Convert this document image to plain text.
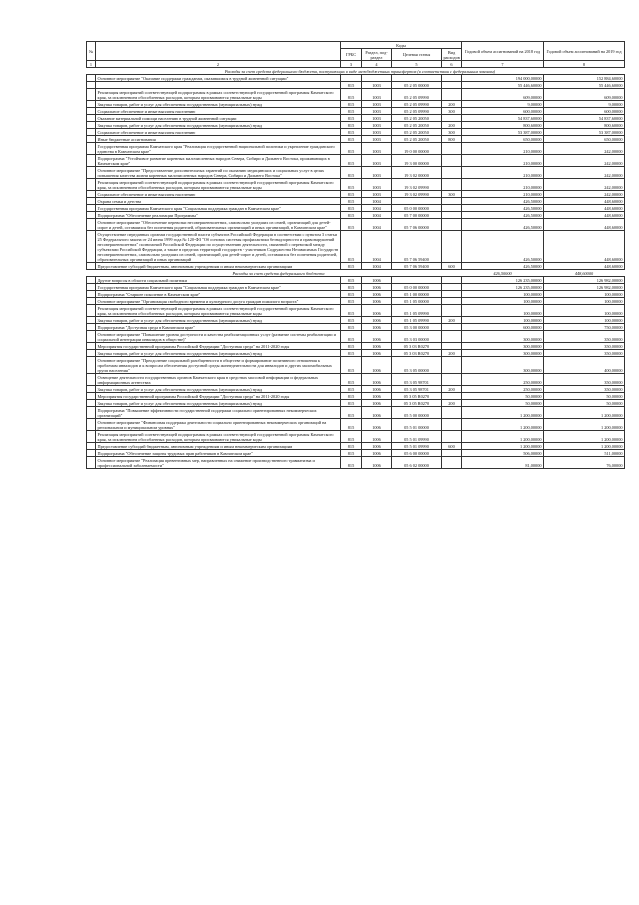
№		Коды				Годовой объем ассигнований на 2018 год	Годовой объем ассигнований на 2019 год
		ГРБС	Раздел, под-раздел	Целевая статья	Вид расходов		
1	2	3	4	5	6	7	8
	Расходы за счет средств федерального бюджета, поступающих в виде межбюджетных трансфертов (в соответствии с федеральным законом)						
	Основное мероприятие "Оказание поддержки гражданам, оказавшимся в трудной жизненной ситуации"					194 000,00000	152 884,60000
		815	1003	05 2 05 00000		55 446,60000	55 446,60000
	Реализация мероприятий соответствующей подпрограммы в рамках соответствующей государственной программы Камчатского края, за исключением обособленных расходов, которым присваиваются уникальные коды	815	1003	05 2 05 09990		609,00000	609,00000
	Закупка товаров, работ и услуг для обеспечения государственных (муниципальных) нужд	815	1003	05 2 05 09990	200	9,00000	9,00000
	Социальное обеспечение и иные выплаты населению	815	1003	05 2 05 09990	300	600,00000	600,00000
	Оказание материальной помощи населению в трудной жизненной ситуации	815	1003	05 2 05 20050		54 837,60000	54 837,60000
	Закупка товаров, работ и услуг для обеспечения государственных (муниципальных) нужд	815	1003	05 2 05 20050	200	800,60000	800,60000
	Социальное обеспечение и иные выплаты населению	815	1003	05 2 05 20050	300	53 387,00000	53 387,00000
	Иные бюджетные ассигнования	815	1003	05 2 05 20050	800	650,00000	650,00000
	Государственная программа Камчатского края "Реализация государственной национальной политики и укрепление гражданского единства в Камчатском крае"	815	1003	19 0 00 00000		210,00000	242,00000
	Подпрограмма "Устойчивое развитие коренных малочисленных народов Севера, Сибири и Дальнего Востока, проживающих в Камчатском крае"	815	1003	19 3 00 00000		210,00000	242,00000
	Основное мероприятие "Предоставление дополнительных гарантий по оказанию медицинских и социальных услуг в целях повышения качества жизни коренных малочисленных народов Севера, Сибири и Дальнего Востока"	815	1003	19 3 02 00000		210,00000	242,00000
	Реализация мероприятий соответствующей подпрограммы в рамках соответствующей государственной программы Камчатского края, за исключением обособленных расходов, которым присваиваются уникальные коды	815	1003	19 3 02 09990		210,00000	242,00000
	Социальное обеспечение и иные выплаты населению	815	1003	19 3 02 09990	300	210,00000	242,00000
	Охрана семьи и детства	815	1004			426,50000	448,60000
	Государственная программа Камчатского края "Социальная поддержка граждан в Камчатском крае"	815	1004	05 0 00 00000		426,50000	448,60000
	Подпрограмма "Обеспечение реализации Программы"	815	1004	05 7 00 00000		426,50000	448,60000
	Основное мероприятие "Обеспечение перевозки несовершеннолетних, самовольно ушедших из семей, организаций для детей-сирот и детей, оставшихся без попечения родителей, образовательных организаций и иных организаций, в Камчатском крае"	815	1004	05 7 06 00000		426,50000	448,60000
	Осуществление переданных органам государственной власти субъектов Российской Федерации в соответствии с пунктом 3 статьи 25 Федерального закона от 24 июня 1999 года № 120-ФЗ "Об основах системы профилактики безнадзорности и правонарушений несовершеннолетних" полномочий Российской Федерации по осуществлению деятельности, связанной с перевозкой между субъектами Российской Федерации, а также в пределах территорий государств - участников Содружества Независимых Государств несовершеннолетних, самовольно ушедших из семей, организаций для детей-сирот и детей, оставшихся без попечения родителей, образовательных организаций и иных организаций	815	1004	05 7 06 59400		426,50000	448,60000
	Предоставление субсидий бюджетным, автономным учреждениям и иным некоммерческим организациям	815	1004	05 7 06 59400	600	426,50000	448,60000
	Расходы за счет средств федерального бюджета					426,50000	448,60000
	Другие вопросы в области социальной политики	815	1006			126 235,00000	126 982,00000
	Государственная программа Камчатского края "Социальная поддержка граждан в Камчатском крае"	815	1006	05 0 00 00000		126 235,00000	126 982,00000
	Подпрограмма "Старшее поколение в Камчатском крае"	815	1006	05 1 00 00000		100,00000	100,00000
	Основное мероприятие "Организация свободного времени и культурного досуга граждан пожилого возраста"	815	1006	05 1 05 00000		100,00000	100,00000
	Реализация мероприятий соответствующей подпрограммы в рамках соответствующей государственной программы Камчатского края, за исключением обособленных расходов, которым присваиваются уникальные коды	815	1006	05 1 05 09990		100,00000	100,00000
	Закупка товаров, работ и услуг для обеспечения государственных (муниципальных) нужд	815	1006	05 1 05 09990	200	100,00000	100,00000
	Подпрограмма "Доступная среда в Камчатском крае"	815	1006	05 3 00 00000		600,00000	750,00000
	Основное мероприятие "Повышение уровня доступности и качества реабилитационных услуг (развитие системы реабилитации и социальной интеграции инвалидов в обществе)"	815	1006	05 3 03 00000		300,00000	350,00000
	Мероприятия государственной программы Российской Федерации "Доступная среда" на 2011-2020 годы	815	1006	05 3 03 R0270		300,00000	350,00000
	Закупка товаров, работ и услуг для обеспечения государственных (муниципальных) нужд	815	1006	05 3 03 R0270	200	300,00000	350,00000
	Основное мероприятие "Преодоление социальной разобщенности в обществе и формирование позитивного отношения к проблемам инвалидов и к вопросам обеспечения доступной среды жизнедеятельности для инвалидов и других маломобильных групп населения"	815	1006	05 3 05 00000		300,00000	400,00000
	Освещение деятельности государственных органов Камчатского края в средствах массовой информации и федеральных информационных агентствах	815	1006	05 3 05 98701		250,00000	350,00000
	Закупка товаров, работ и услуг для обеспечения государственных (муниципальных) нужд	815	1006	05 3 05 98701	200	250,00000	350,00000
	Мероприятия государственной программы Российской Федерации "Доступная среда" на 2011-2020 годы	815	1006	05 3 05 R0270		50,00000	50,00000
	Закупка товаров, работ и услуг для обеспечения государственных (муниципальных) нужд	815	1006	05 3 05 R0270	200	50,00000	50,00000
	Подпрограмма "Повышение эффективности государственной поддержки социально ориентированных некоммерческих организаций"	815	1006	05 5 00 00000		1 200,00000	1 200,00000
	Основное мероприятие "Финансовая поддержка деятельности социально ориентированных некоммерческих организаций на региональном и муниципальном уровнях"	815	1006	05 5 01 00000		1 200,00000	1 200,00000
	Реализация мероприятий соответствующей подпрограммы в рамках соответствующей государственной программы Камчатского края, за исключением обособленных расходов, которым присваиваются уникальные коды	815	1006	05 5 01 09990		1 200,00000	1 200,00000
	Предоставление субсидий бюджетным, автономным учреждениям и иным некоммерческим организациям	815	1006	05 5 01 09990	600	1 200,00000	1 200,00000
	Подпрограмма "Обеспечение защиты трудовых прав работников в Камчатском крае"	815	1006	05 6 00 00000		506,00000	511,00000
	Основное мероприятие "Реализация превентивных мер, направленных на снижение производственного травматизма и профессиональной заболеваемости"	815	1006	05 6 02 00000		81,00000	76,00000
